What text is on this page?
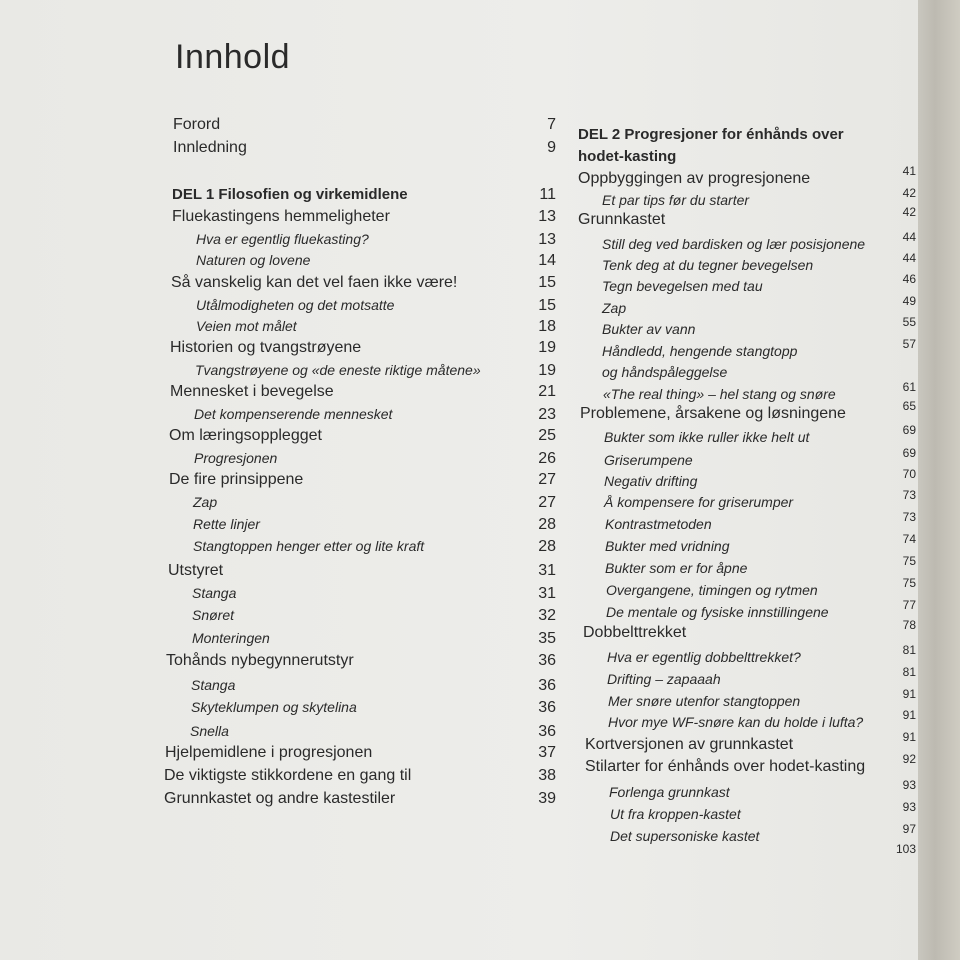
Innhold
Forord	7
Innledning	9
DEL 1 Filosofien og virkemidlene	11
Fluekastingens hemmeligheter	13
Hva er egentlig fluekasting?	13
Naturen og lovene	14
Så vanskelig kan det vel faen ikke være!	15
Utålmodigheten og det motsatte	15
Veien mot målet	18
Historien og tvangstrøyene	19
Tvangstrøyene og «de eneste riktige måtene»	19
Mennesket i bevegelse	21
Det kompenserende mennesket	23
Om læringsopplegget	25
Progresjonen	26
De fire prinsippene	27
Zap	27
Rette linjer	28
Stangtoppen henger etter og lite kraft	28
Utstyret	31
Stanga	31
Snøret	32
Monteringen	35
Tohånds nybegynnerutstyr	36
Stanga	36
Skyteklumpen og skytelina	36
Snella	36
Hjelpemidlene i progresjonen	37
De viktigste stikkordene en gang til	38
Grunnkastet og andre kastestiler	39
DEL 2 Progresjoner for énhånds over
hodet-kasting
Oppbyggingen av progresjonene	41
Et par tips før du starter	42
Grunnkastet	42
Still deg ved bardisken og lær posisjonene	44
Tenk deg at du tegner bevegelsen	44
Tegn bevegelsen med tau	46
Zap	49
Bukter av vann	55
Håndledd, hengende stangtopp	57
og håndspåleggelse
«The real thing» – hel stang og snøre	61
Problemene, årsakene og løsningene	65
Bukter som ikke ruller ikke helt ut	69
Griserumpene	69
Negativ drifting	70
Å kompensere for griserumper	73
Kontrastmetoden	73
Bukter med vridning	74
Bukter som er for åpne	75
Overgangene, timingen og rytmen	75
De mentale og fysiske innstillingene	77
Dobbelttrekket	78
Hva er egentlig dobbelttrekket?	81
Drifting – zapaaah	81
Mer snøre utenfor stangtoppen	91
Hvor mye WF-snøre kan du holde i lufta?	91
Kortversjonen av grunnkastet	91
Stilarter for énhånds over hodet-kasting	92
Forlenga grunnkast	93
Ut fra kroppen-kastet	93
Det supersoniske kastet	97
103
